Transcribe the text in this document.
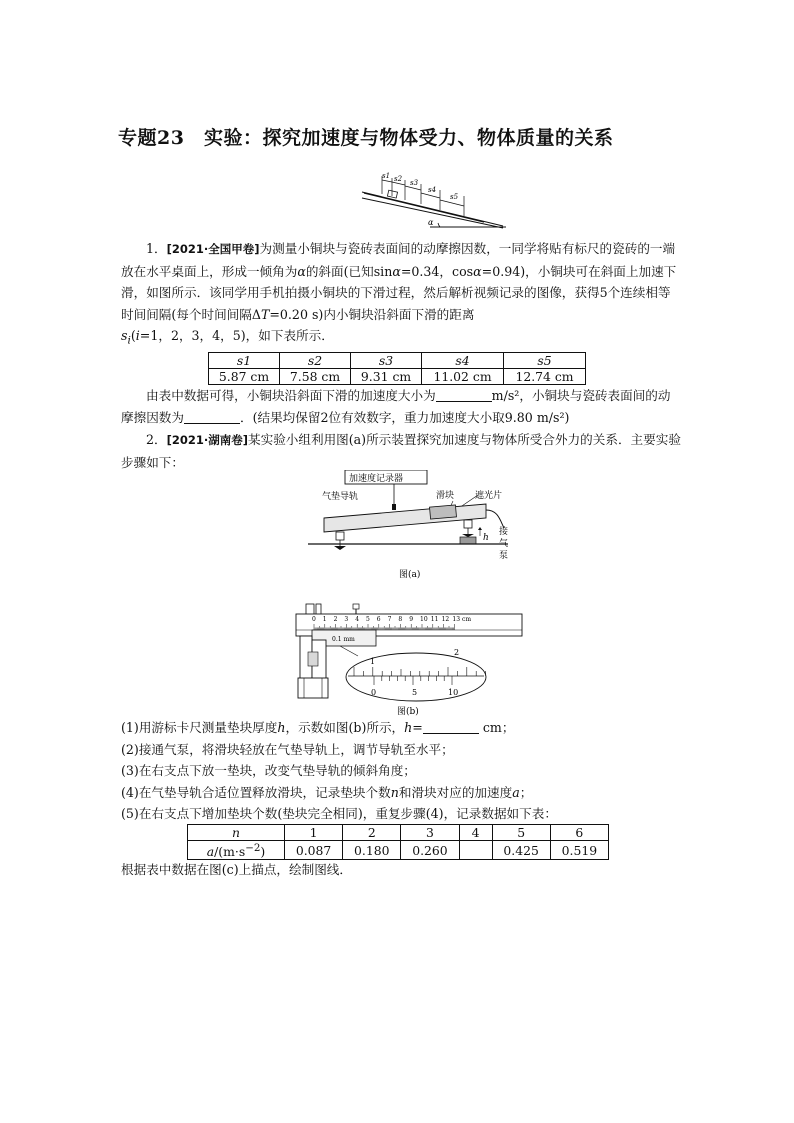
专题23　实验：探究加速度与物体受力、物体质量的关系
s1 s2 s3
s4
s5
α
1．[2021·全国甲卷]为测量小铜块与瓷砖表面间的动摩擦因数，一同学将贴有标尺的瓷砖的一端放在水平桌面上，形成一倾角为α的斜面(已知sinα=0.34，cosα=0.94)，小铜块可在斜面上加速下滑，如图所示．该同学用手机拍摄小铜块的下滑过程，然后解析视频记录的图像，获得5个连续相等时间间隔(每个时间间隔ΔT=0.20 s)内小铜块沿斜面下滑的距离
$s_i(i=1$，2，3，4，5)，如下表所示．
s1	s2	s3	s4	s5
5.87 cm	7.58 cm	9.31 cm	11.02 cm	12.74 cm
由表中数据可得，小铜块沿斜面下滑的加速度大小为	m/s²，小铜块与瓷砖表面间的动摩擦因数为	．(结果均保留2位有效数字，重力加速度大小取9.80 m/s²)
2．[2021·湖南卷]某实验小组利用图(a)所示装置探究加速度与物体所受合外力的关系．主要实验步骤如下：
加速度记录器
气垫导轨	滑块 遮光片
h
接
气
泵
图(a)
0 1 2 3 4 5 6 7 8 9 10 11 12 13 cm
0.1 mm
1
2
0	5	10
图(b)
(1)用游标卡尺测量垫块厚度h，示数如图(b)所示，h=	cm；
(2)接通气泵，将滑块轻放在气垫导轨上，调节导轨至水平；
(3)在右支点下放一垫块，改变气垫导轨的倾斜角度；
(4)在气垫导轨合适位置释放滑块，记录垫块个数n和滑块对应的加速度a；
(5)在右支点下增加垫块个数(垫块完全相同)，重复步骤(4)，记录数据如下表：
n	1	2	3	4	5	6
$a/(m\cdot s^{-2})$	0.087	0.180	0.260		0.425	0.519
根据表中数据在图(c)上描点，绘制图线．
